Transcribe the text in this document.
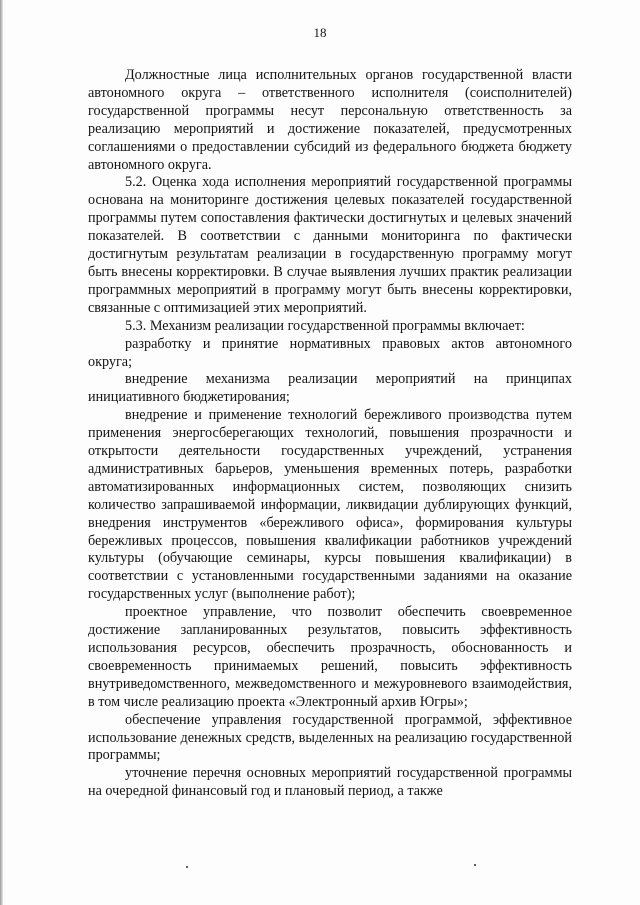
18

Должностные лица исполнительных органов государственной власти автономного округа – ответственного исполнителя (соисполнителей) государственной программы несут персональную ответственность за реализацию мероприятий и достижение показателей, предусмотренных соглашениями о предоставлении субсидий из федерального бюджета бюджету автономного округа.

5.2. Оценка хода исполнения мероприятий государственной программы основана на мониторинге достижения целевых показателей государственной программы путем сопоставления фактически достигнутых и целевых значений показателей. В соответствии с данными мониторинга по фактически достигнутым результатам реализации в государственную программу могут быть внесены корректировки. В случае выявления лучших практик реализации программных мероприятий в программу могут быть внесены корректировки, связанные с оптимизацией этих мероприятий.

5.3. Механизм реализации государственной программы включает:

разработку и принятие нормативных правовых актов автономного округа;

внедрение механизма реализации мероприятий на принципах инициативного бюджетирования;

внедрение и применение технологий бережливого производства путем применения энергосберегающих технологий, повышения прозрачности и открытости деятельности государственных учреждений, устранения административных барьеров, уменьшения временных потерь, разработки автоматизированных информационных систем, позволяющих снизить количество запрашиваемой информации, ликвидации дублирующих функций, внедрения инструментов «бережливого офиса», формирования культуры бережливых процессов, повышения квалификации работников учреждений культуры (обучающие семинары, курсы повышения квалификации) в соответствии с установленными государственными заданиями на оказание государственных услуг (выполнение работ);

проектное управление, что позволит обеспечить своевременное достижение запланированных результатов, повысить эффективность использования ресурсов, обеспечить прозрачность, обоснованность и своевременность принимаемых решений, повысить эффективность внутриведомственного, межведомственного и межуровневого взаимодействия, в том числе реализацию проекта «Электронный архив Югры»;

обеспечение управления государственной программой, эффективное использование денежных средств, выделенных на реализацию государственной программы;

уточнение перечня основных мероприятий государственной программы на очередной финансовый год и плановый период, а также
